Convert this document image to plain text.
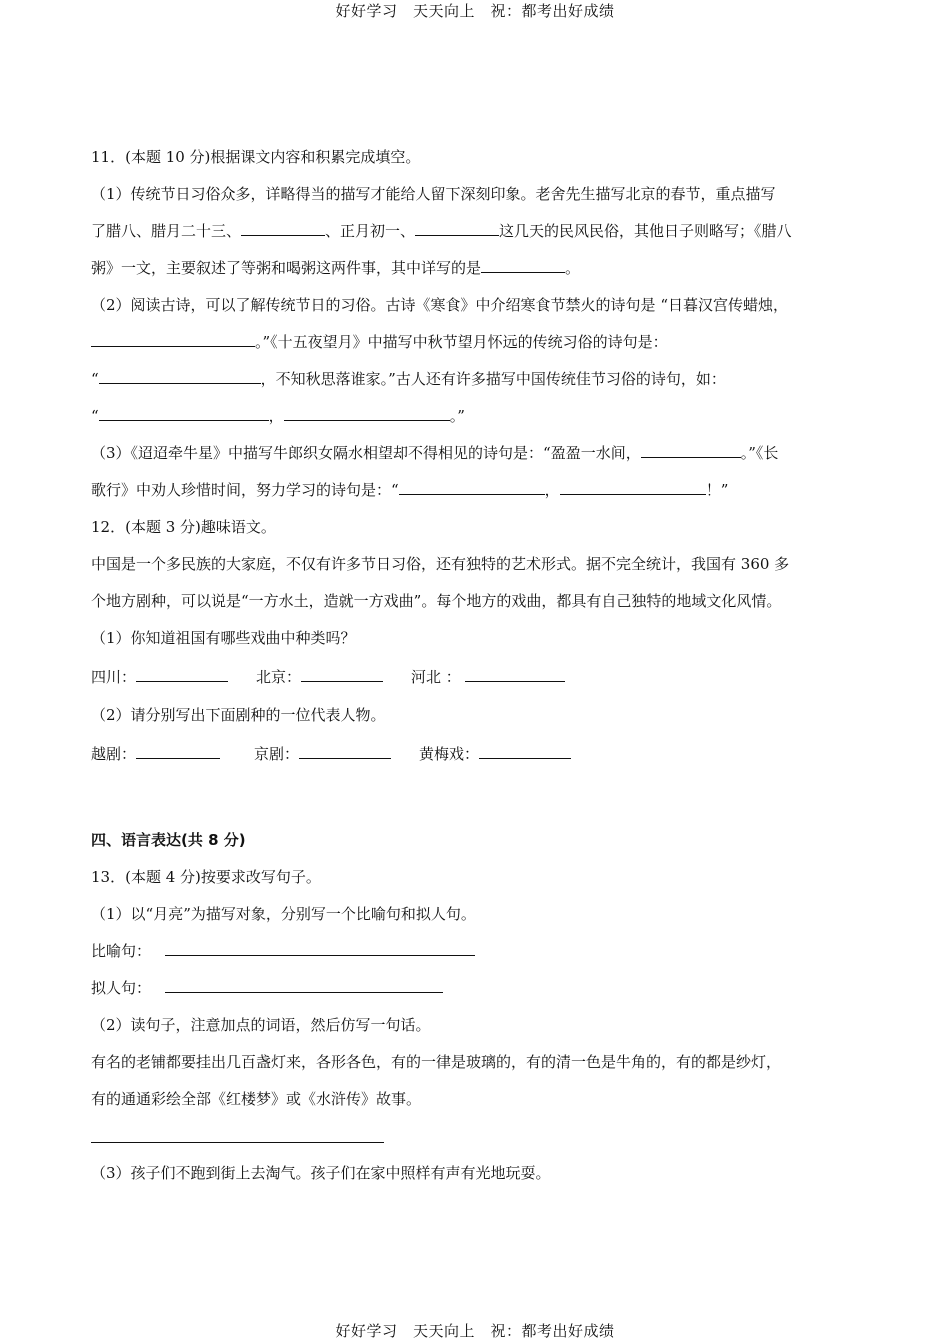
好好学习　天天向上　祝：都考出好成绩
11．(本题 10 分)根据课文内容和积累完成填空。
（1）传统节日习俗众多，详略得当的描写才能给人留下深刻印象。老舍先生描写北京的春节，重点描写
了腊八、腊月二十三、	、正月初一、	这几天的民风民俗，其他日子则略写；《腊八
粥》一文，主要叙述了等粥和喝粥这两件事，其中详写的是	。
（2）阅读古诗，可以了解传统节日的习俗。古诗《寒食》中介绍寒食节禁火的诗句是 “日暮汉宫传蜡烛，
。”《十五夜望月》中描写中秋节望月怀远的传统习俗的诗句是：
“	，不知秋思落谁家。”古人还有许多描写中国传统佳节习俗的诗句，如：
“	，	。”
（3）《迢迢牵牛星》中描写牛郎织女隔水相望却不得相见的诗句是：“盈盈一水间，	。”《长
歌行》中劝人珍惜时间，努力学习的诗句是：“	，	！”
12．(本题 3 分)趣味语文。
中国是一个多民族的大家庭，不仅有许多节日习俗，还有独特的艺术形式。据不完全统计，我国有 360 多
个地方剧种，可以说是“一方水土，造就一方戏曲”。每个地方的戏曲，都具有自己独特的地域文化风情。
（1）你知道祖国有哪些戏曲中种类吗？
四川：	北京：	河北 ：
（2）请分别写出下面剧种的一位代表人物。
越剧：	京剧：	黄梅戏：
四、语言表达(共 8 分)
13．(本题 4 分)按要求改写句子。
（1）以“月亮”为描写对象，分别写一个比喻句和拟人句。
比喻句：
拟人句：
（2）读句子，注意加点的词语，然后仿写一句话。
有名的老铺都要挂出几百盏灯来，各形各色，有的一律是玻璃的，有的清一色是牛角的，有的都是纱灯，
有的通通彩绘全部《红楼梦》或《水浒传》故事。
（3）孩子们不跑到街上去淘气。孩子们在家中照样有声有光地玩耍。
好好学习　天天向上　祝：都考出好成绩
